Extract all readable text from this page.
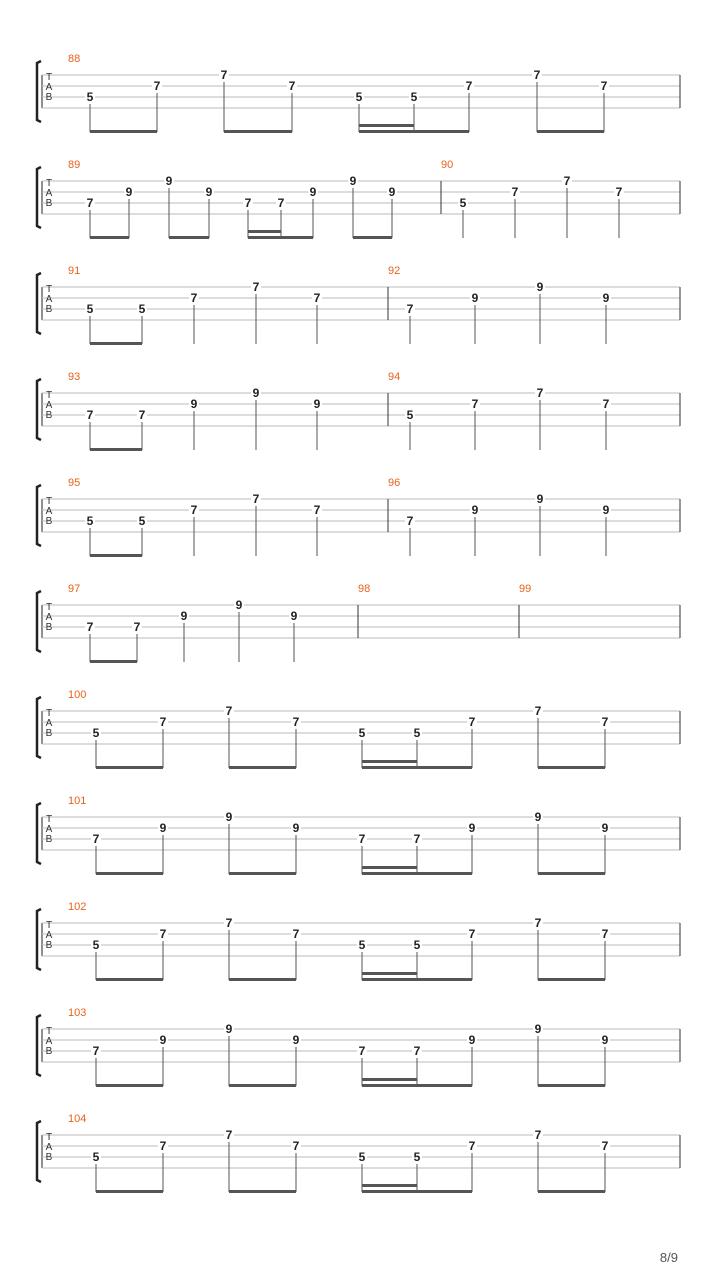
T
A
B
88
5
7
7
7
5	5
7
7
7
T
A
B
89
7
9
9
9
7 7
9
9
9
90
5
7
7
7
T
A
B
91
5	5
7
7
7
92
7
9
9
9
T
A
B
93
7	7
9
9
9
94
5
7
7
7
T
A
B
95
5	5
7
7
7
96
7
9
9
9
T
A
B
97
7	7
9
9
9
98	99
T
A
B
100
5
7
7
7
5	5
7
7
7
T
A
B
101
7
9
9
9
7	7
9
9
9
T
A
B
102
5
7
7
7
5	5
7
7
7
T
A
B
103
7
9
9
9
7	7
9
9
9
T
A
B
104
5
7
7
7
5	5
7
7
7
8/9
